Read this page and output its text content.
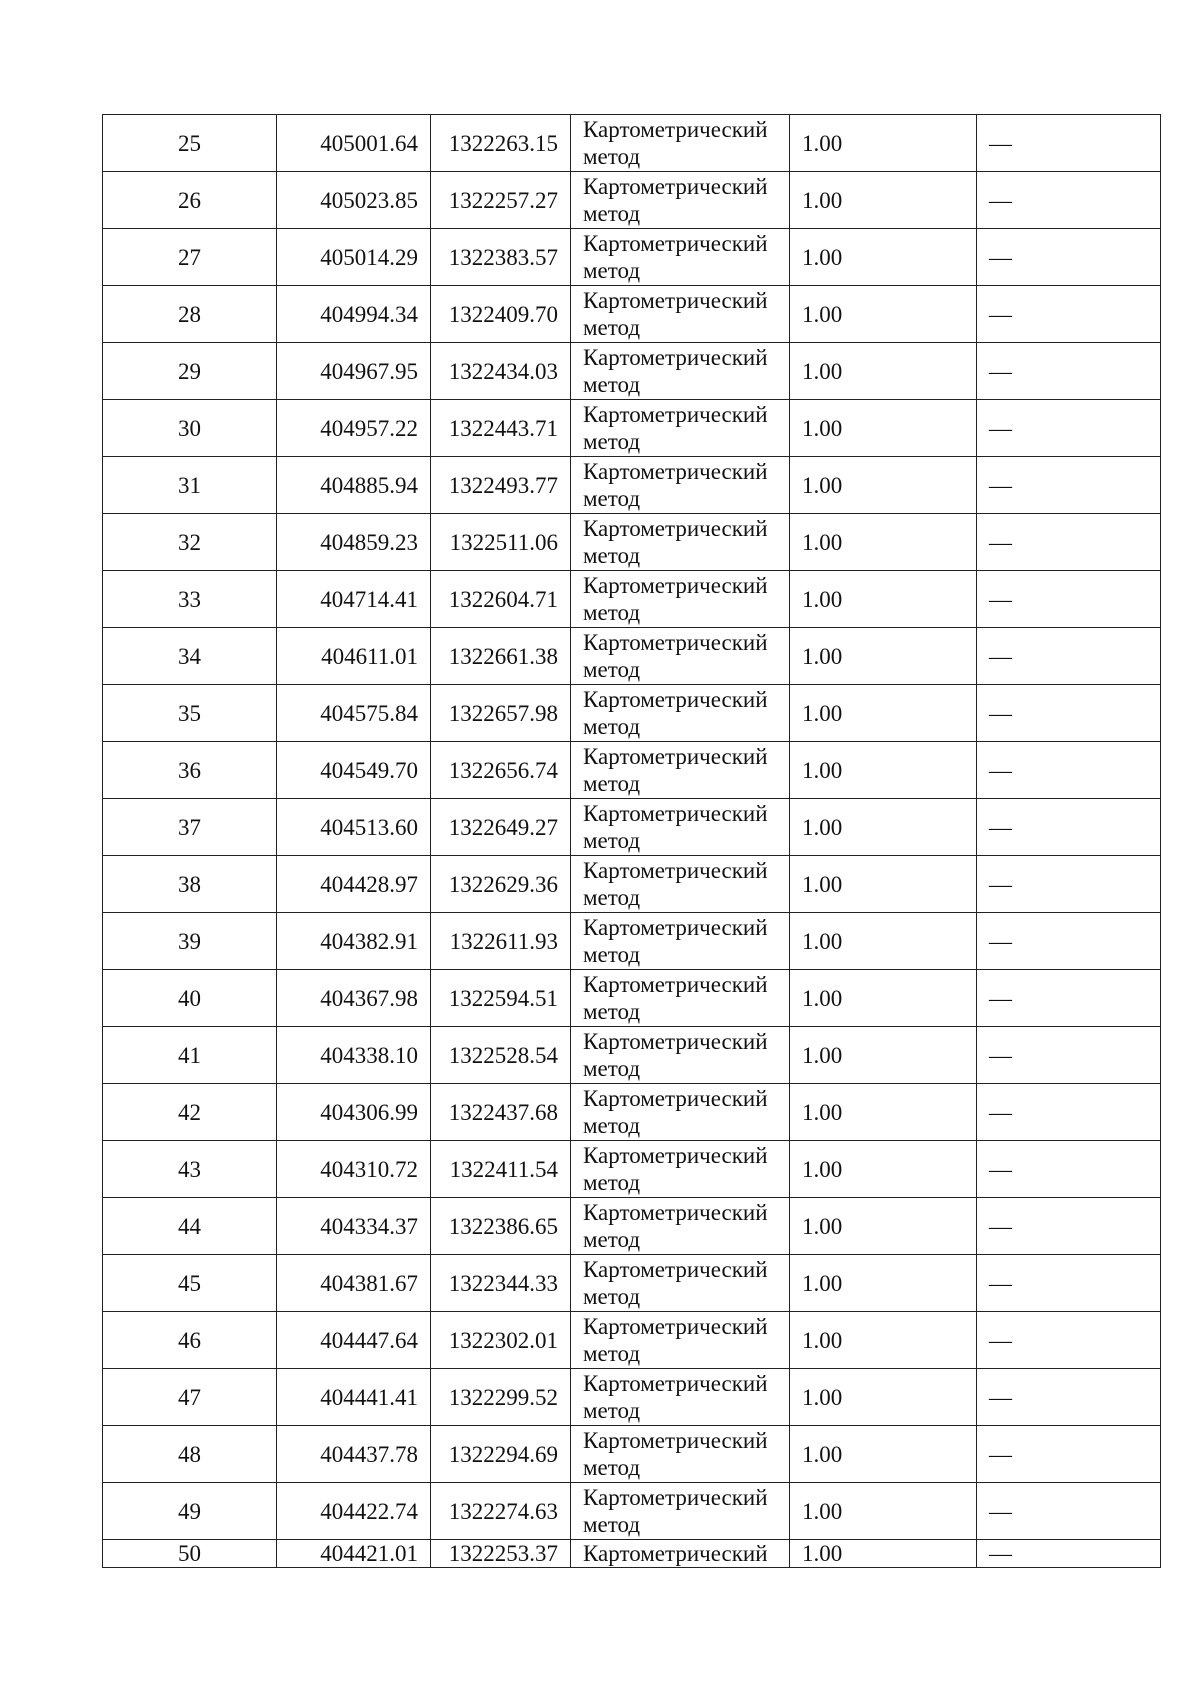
25	405001.64	1322263.15	Картометрический
метод	1.00	—
26	405023.85	1322257.27	Картометрический
метод	1.00	—
27	405014.29	1322383.57	Картометрический
метод	1.00	—
28	404994.34	1322409.70	Картометрический
метод	1.00	—
29	404967.95	1322434.03	Картометрический
метод	1.00	—
30	404957.22	1322443.71	Картометрический
метод	1.00	—
31	404885.94	1322493.77	Картометрический
метод	1.00	—
32	404859.23	1322511.06	Картометрический
метод	1.00	—
33	404714.41	1322604.71	Картометрический
метод	1.00	—
34	404611.01	1322661.38	Картометрический
метод	1.00	—
35	404575.84	1322657.98	Картометрический
метод	1.00	—
36	404549.70	1322656.74	Картометрический
метод	1.00	—
37	404513.60	1322649.27	Картометрический
метод	1.00	—
38	404428.97	1322629.36	Картометрический
метод	1.00	—
39	404382.91	1322611.93	Картометрический
метод	1.00	—
40	404367.98	1322594.51	Картометрический
метод	1.00	—
41	404338.10	1322528.54	Картометрический
метод	1.00	—
42	404306.99	1322437.68	Картометрический
метод	1.00	—
43	404310.72	1322411.54	Картометрический
метод	1.00	—
44	404334.37	1322386.65	Картометрический
метод	1.00	—
45	404381.67	1322344.33	Картометрический
метод	1.00	—
46	404447.64	1322302.01	Картометрический
метод	1.00	—
47	404441.41	1322299.52	Картометрический
метод	1.00	—
48	404437.78	1322294.69	Картометрический
метод	1.00	—
49	404422.74	1322274.63	Картометрический
метод	1.00	—
50	404421.01	1322253.37	Картометрический	1.00	—
